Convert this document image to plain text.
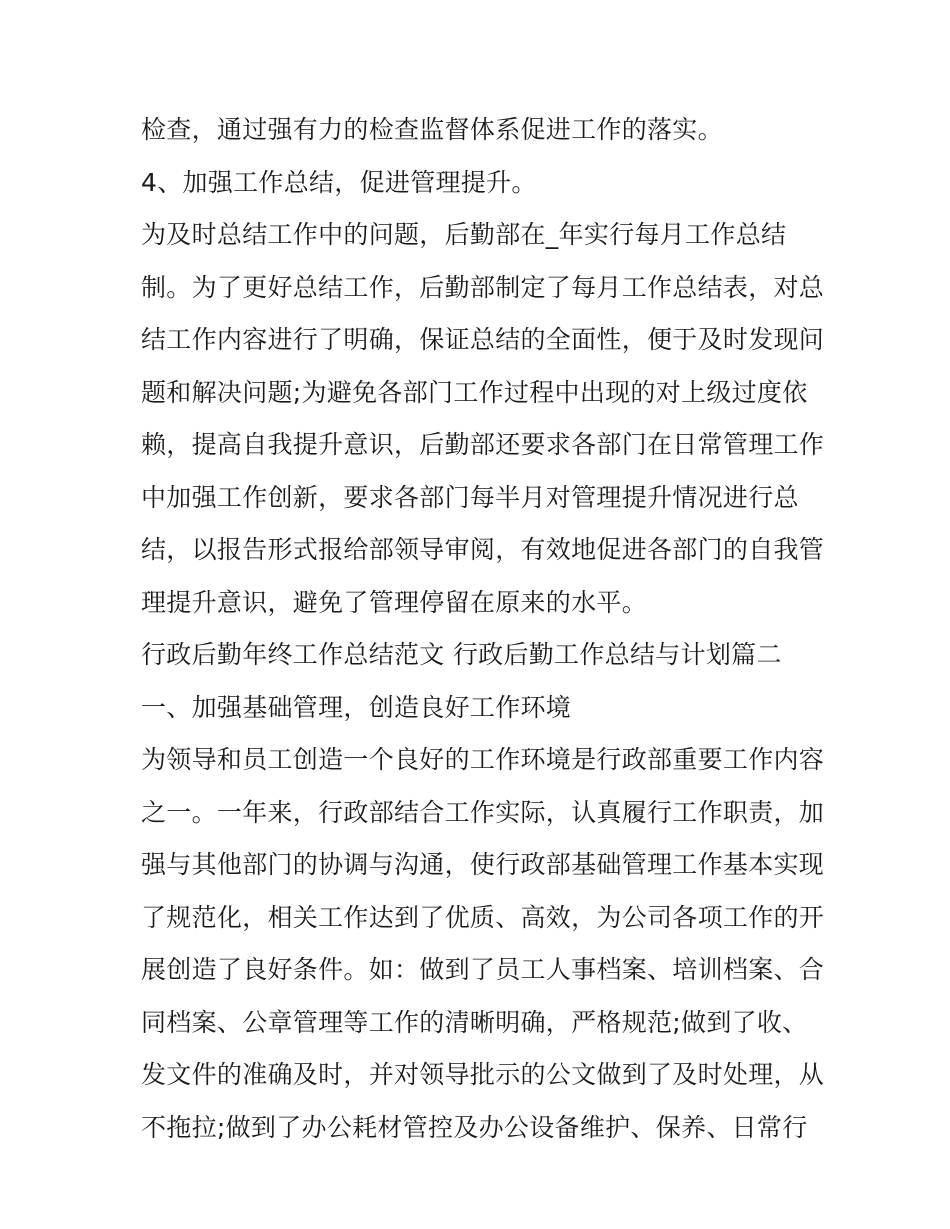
检查，通过强有力的检查监督体系促进工作的落实。
4、加强工作总结，促进管理提升。
为及时总结工作中的问题，后勤部在_年实行每月工作总结
制。为了更好总结工作，后勤部制定了每月工作总结表，对总
结工作内容进行了明确，保证总结的全面性，便于及时发现问
题和解决问题;为避免各部门工作过程中出现的对上级过度依
赖，提高自我提升意识，后勤部还要求各部门在日常管理工作
中加强工作创新，要求各部门每半月对管理提升情况进行总
结，以报告形式报给部领导审阅，有效地促进各部门的自我管
理提升意识，避免了管理停留在原来的水平。
行政后勤年终工作总结范文 行政后勤工作总结与计划篇二
一、加强基础管理，创造良好工作环境
为领导和员工创造一个良好的工作环境是行政部重要工作内容
之一。一年来，行政部结合工作实际，认真履行工作职责，加
强与其他部门的协调与沟通，使行政部基础管理工作基本实现
了规范化，相关工作达到了优质、高效，为公司各项工作的开
展创造了良好条件。如：做到了员工人事档案、培训档案、合
同档案、公章管理等工作的清晰明确，严格规范;做到了收、
发文件的准确及时，并对领导批示的公文做到了及时处理，从
不拖拉;做到了办公耗材管控及办公设备维护、保养、日常行
